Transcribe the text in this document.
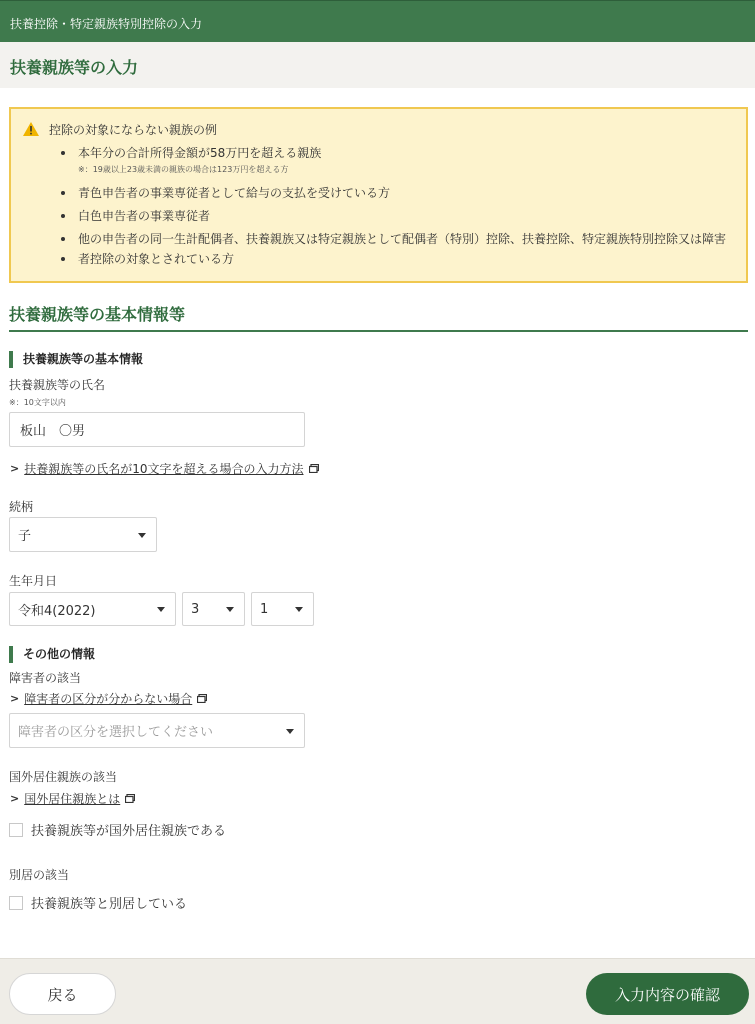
扶養控除・特定親族特別控除の入力
扶養親族等の入力
控除の対象にならない親族の例
本年分の合計所得金額が58万円を超える親族
※：19歳以上23歳未満の親族の場合は123万円を超える方
青色申告者の事業専従者として給与の支払を受けている方
白色申告者の事業専従者
他の申告者の同一生計配偶者、扶養親族又は特定親族として配偶者（特別）控除、扶養控除、特定親族特別控除又は障害
者控除の対象とされている方
扶養親族等の基本情報等
扶養親族等の基本情報
扶養親族等の氏名
※：10文字以内
板山　〇男
> 扶養親族等の氏名が10文字を超える場合の入力方法
続柄
子
生年月日
令和4(2022)	3	1
その他の情報
障害者の該当
> 障害者の区分が分からない場合
障害者の区分を選択してください
国外居住親族の該当
> 国外居住親族とは
扶養親族等が国外居住親族である
別居の該当
扶養親族等と別居している
戻る	入力内容の確認
